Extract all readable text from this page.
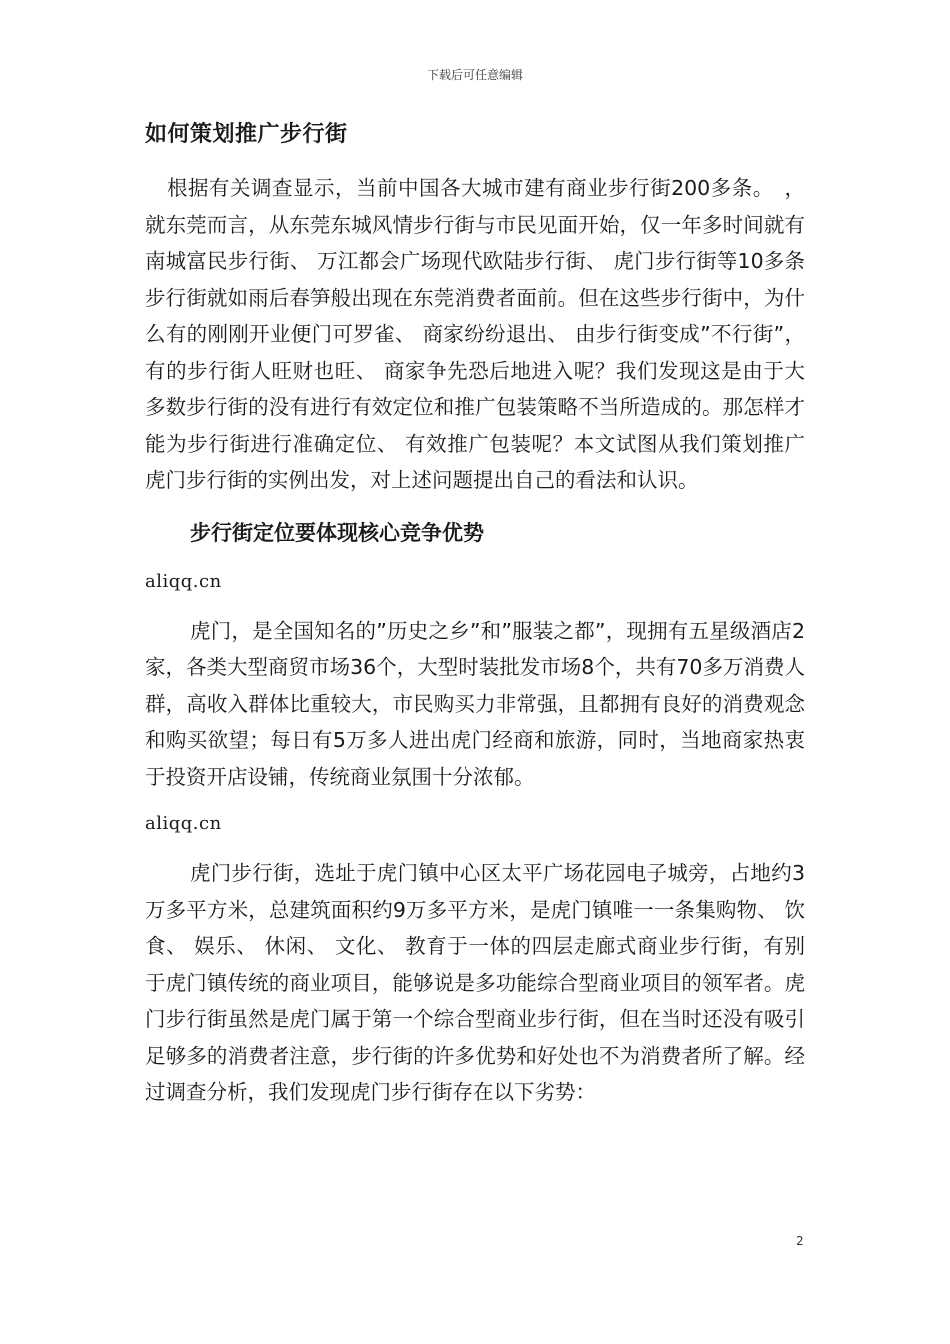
下载后可任意编辑
如何策划推广步行街

根据有关调查显示，当前中国各大城市建有商业步行街200多条。　，就东莞而言，从东莞东城风情步行街与市民见面开始，仅一年多时间就有南城富民步行街、 万江都会广场现代欧陆步行街、 虎门步行街等10多条步行街就如雨后春笋般出现在东莞消费者面前。但在这些步行街中，为什么有的刚刚开业便门可罗雀、 商家纷纷退出、 由步行街变成”不行街”，有的步行街人旺财也旺、 商家争先恐后地进入呢？我们发现这是由于大多数步行街的没有进行有效定位和推广包装策略不当所造成的。那怎样才能为步行街进行准确定位、 有效推广包装呢？本文试图从我们策划推广虎门步行街的实例出发，对上述问题提出自己的看法和认识。

步行街定位要体现核心竞争优势
aliqq.cn

虎门，是全国知名的”历史之乡”和”服装之都”，现拥有五星级酒店2家，各类大型商贸市场36个，大型时装批发市场8个，共有70多万消费人群，高收入群体比重较大，市民购买力非常强，且都拥有良好的消费观念和购买欲望；每日有5万多人进出虎门经商和旅游，同时，当地商家热衷于投资开店设铺，传统商业氛围十分浓郁。

aliqq.cn

虎门步行街，选址于虎门镇中心区太平广场花园电子城旁，占地约3万多平方米，总建筑面积约9万多平方米，是虎门镇唯一一条集购物、 饮食、 娱乐、 休闲、 文化、 教育于一体的四层走廊式商业步行街，有别于虎门镇传统的商业项目，能够说是多功能综合型商业项目的领军者。虎门步行街虽然是虎门属于第一个综合型商业步行街，但在当时还没有吸引足够多的消费者注意，步行街的许多优势和好处也不为消费者所了解。经过调查分析，我们发现虎门步行街存在以下劣势：

2
